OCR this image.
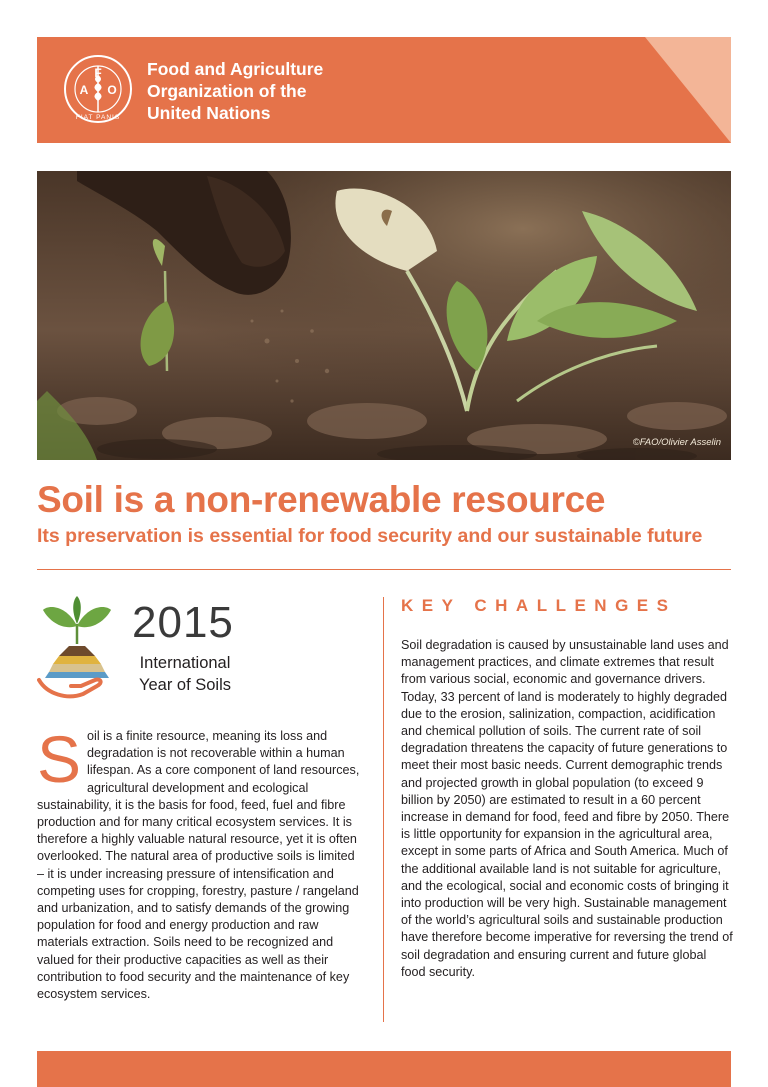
F
A O
FIAT PANIS
Food and Agriculture
Organization of the
United Nations
©FAO/Olivier Asselin
Soil is a non-renewable resource
Its preservation is essential for food security and our sustainable future
2015
International
Year of Soils
S oil is a finite resource, meaning its loss and degradation is not recoverable within a human lifespan. As a core component of land resources, agricultural development and ecological sustainability, it is the basis for food, feed, fuel and fibre production and for many critical ecosystem services. It is therefore a highly valuable natural resource, yet it is often overlooked. The natural area of productive soils is limited – it is under increasing pressure of intensification and competing uses for cropping, forestry, pasture / rangeland and urbanization, and to satisfy demands of the growing population for food and energy production and raw materials extraction. Soils need to be recognized and valued for their productive capacities as well as their contribution to food security and the maintenance of key ecosystem services.
KEY CHALLENGES
Soil degradation is caused by unsustainable land uses and management practices, and climate extremes that result from various social, economic and governance drivers. Today, 33 percent of land is moderately to highly degraded due to the erosion, salinization, compaction, acidification and chemical pollution of soils. The current rate of soil degradation threatens the capacity of future generations to meet their most basic needs. Current demographic trends and projected growth in global population (to exceed 9 billion by 2050) are estimated to result in a 60 percent increase in demand for food, feed and fibre by 2050. There is little opportunity for expansion in the agricultural area, except in some parts of Africa and South America. Much of the additional available land is not suitable for agriculture, and the ecological, social and economic costs of bringing it into production will be very high. Sustainable management of the world’s agricultural soils and sustainable production have therefore become imperative for reversing the trend of soil degradation and ensuring current and future global food security.
